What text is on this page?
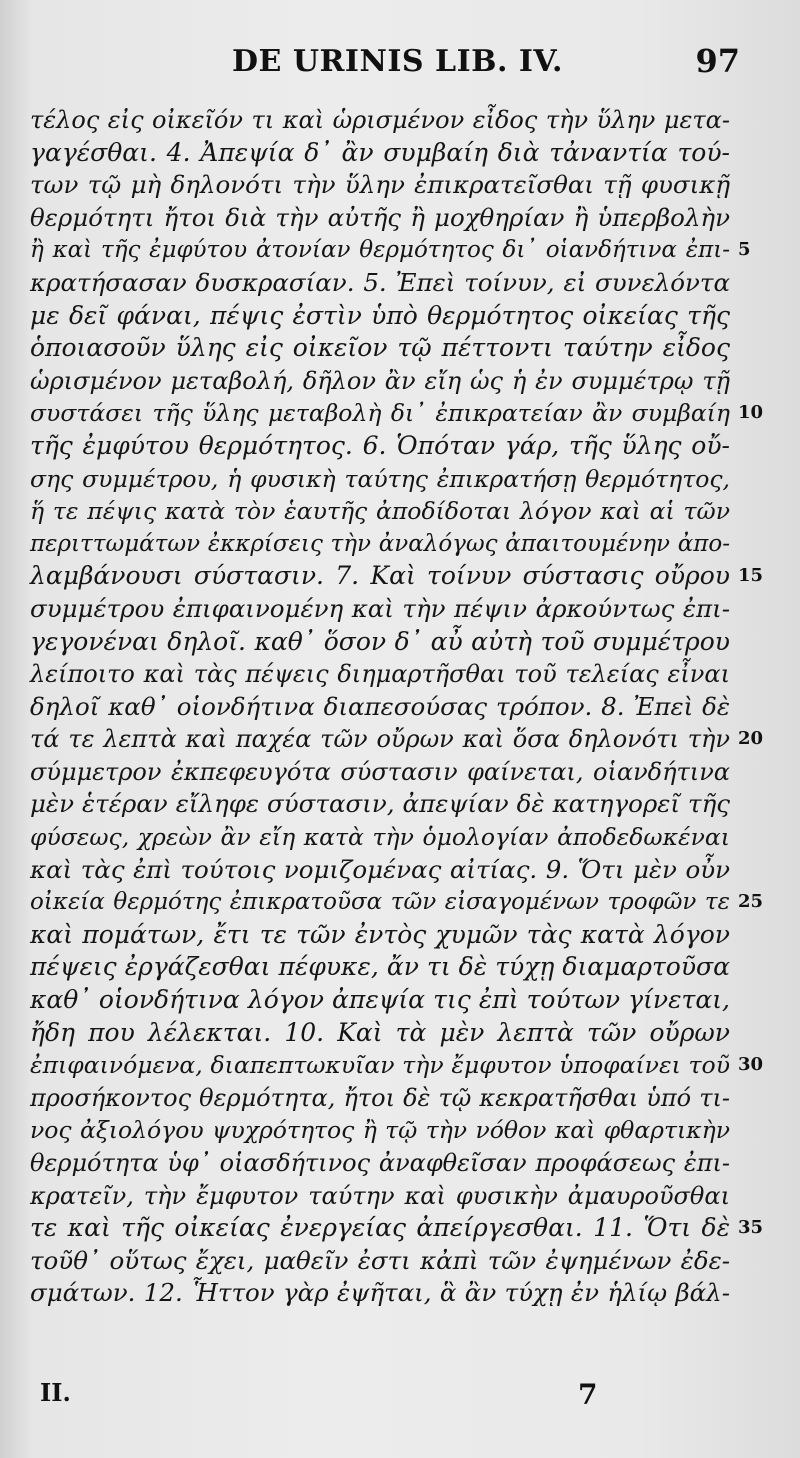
DE URINIS LIB. IV.	97
τέλος εἰς οἰκεῖόν τι καὶ ὡρισμένον εἶδος τὴν ὕλην μετα-
γαγέσθαι. 4. Ἀπεψία δ᾽ ἂν συμβαίη διὰ τἀναντία τού-
των τῷ μὴ δηλονότι τὴν ὕλην ἐπικρατεῖσθαι τῇ φυσικῇ
θερμότητι ἤτοι διὰ τὴν αὐτῆς ἢ μοχθηρίαν ἢ ὑπερβολὴν
ἢ καὶ τῆς ἐμφύτου ἀτονίαν θερμότητος δι᾽ οἱανδήτινα ἐπι- 5
κρατήσασαν δυσκρασίαν. 5. Ἐπεὶ τοίνυν, εἰ συνελόντα
με δεῖ φάναι, πέψις ἐστὶν ὑπὸ θερμότητος οἰκείας τῆς
ὁποιασοῦν ὕλης εἰς οἰκεῖον τῷ πέττοντι ταύτην εἶδος
ὡρισμένον μεταβολή, δῆλον ἂν εἴη ὡς ἡ ἐν συμμέτρῳ τῇ
συστάσει τῆς ὕλης μεταβολὴ δι᾽ ἐπικρατείαν ἂν συμβαίη 10
τῆς ἐμφύτου θερμότητος. 6. Ὁπόταν γάρ, τῆς ὕλης οὔ-
σης συμμέτρου, ἡ φυσικὴ ταύτης ἐπικρατήσῃ θερμότητος,
ἥ τε πέψις κατὰ τὸν ἑαυτῆς ἀποδίδοται λόγον καὶ αἱ τῶν
περιττωμάτων ἐκκρίσεις τὴν ἀναλόγως ἀπαιτουμένην ἀπο-
λαμβάνουσι σύστασιν. 7. Καὶ τοίνυν σύστασις οὔρου 15
συμμέτρου ἐπιφαινομένη καὶ τὴν πέψιν ἀρκούντως ἐπι-
γεγονέναι δηλοῖ. καθ᾽ ὅσον δ᾽ αὖ αὐτὴ τοῦ συμμέτρου
λείποιτο καὶ τὰς πέψεις διημαρτῆσθαι τοῦ τελείας εἶναι
δηλοῖ καθ᾽ οἱονδήτινα διαπεσούσας τρόπον. 8. Ἐπεὶ δὲ
τά τε λεπτὰ καὶ παχέα τῶν οὔρων καὶ ὅσα δηλονότι τὴν 20
σύμμετρον ἐκπεφευγότα σύστασιν φαίνεται, οἱανδήτινα
μὲν ἑτέραν εἴληφε σύστασιν, ἀπεψίαν δὲ κατηγορεῖ τῆς
φύσεως, χρεὼν ἂν εἴη κατὰ τὴν ὁμολογίαν ἀποδεδωκέναι
καὶ τὰς ἐπὶ τούτοις νομιζομένας αἰτίας. 9. Ὅτι μὲν οὖν
οἰκεία θερμότης ἐπικρατοῦσα τῶν εἰσαγομένων τροφῶν τε 25
καὶ πομάτων, ἔτι τε τῶν ἐντὸς χυμῶν τὰς κατὰ λόγον
πέψεις ἐργάζεσθαι πέφυκε, ἄν τι δὲ τύχῃ διαμαρτοῦσα
καθ᾽ οἱονδήτινα λόγον ἀπεψία τις ἐπὶ τούτων γίνεται,
ἤδη που λέλεκται. 10. Καὶ τὰ μὲν λεπτὰ τῶν οὔρων
ἐπιφαινόμενα, διαπεπτωκυῖαν τὴν ἔμφυτον ὑποφαίνει τοῦ 30
προσήκοντος θερμότητα, ἤτοι δὲ τῷ κεκρατῆσθαι ὑπό τι-
νος ἀξιολόγου ψυχρότητος ἢ τῷ τὴν νόθον καὶ φθαρτικὴν
θερμότητα ὑφ᾽ οἱασδήτινος ἀναφθεῖσαν προφάσεως ἐπι-
κρατεῖν, τὴν ἔμφυτον ταύτην καὶ φυσικὴν ἀμαυροῦσθαι
τε καὶ τῆς οἰκείας ἐνεργείας ἀπείργεσθαι. 11. Ὅτι δὲ 35
τοῦθ᾽ οὕτως ἔχει, μαθεῖν ἐστι κἀπὶ τῶν ἐψημένων ἐδε-
σμάτων. 12. Ἧττον γὰρ ἐψῆται, ἃ ἂν τύχῃ ἐν ἡλίῳ βάλ-
II.	7
